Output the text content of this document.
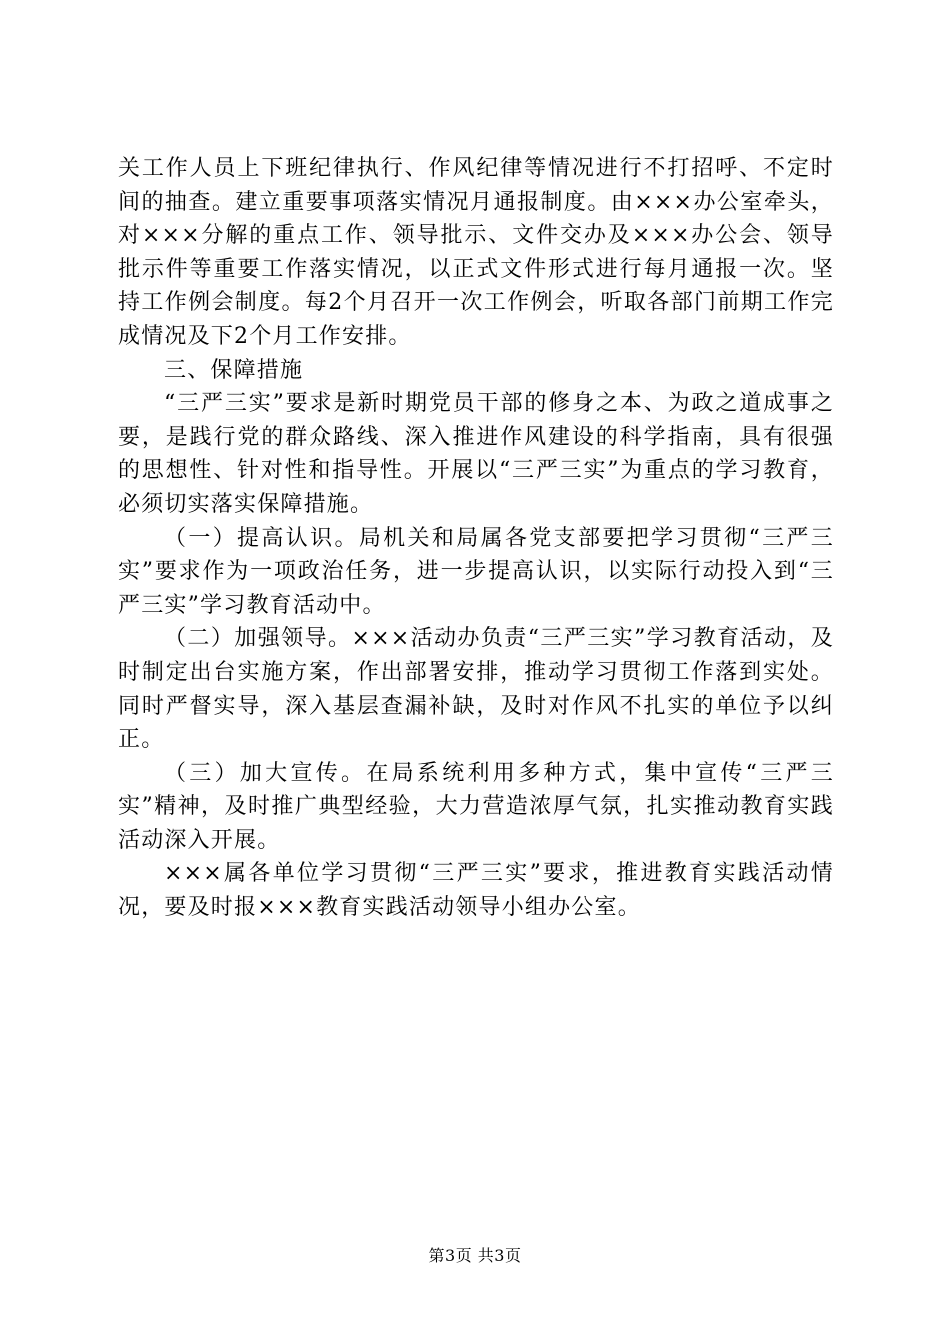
关工作人员上下班纪律执行、作风纪律等情况进行不打招呼、不定时间的抽查。建立重要事项落实情况月通报制度。由×××办公室牵头，对×××分解的重点工作、领导批示、文件交办及×××办公会、领导批示件等重要工作落实情况，以正式文件形式进行每月通报一次。坚持工作例会制度。每2个月召开一次工作例会，听取各部门前期工作完成情况及下2个月工作安排。

三、保障措施

“三严三实”要求是新时期党员干部的修身之本、为政之道成事之要，是践行党的群众路线、深入推进作风建设的科学指南，具有很强的思想性、针对性和指导性。开展以“三严三实”为重点的学习教育，必须切实落实保障措施。

（一）提高认识。局机关和局属各党支部要把学习贯彻“三严三实”要求作为一项政治任务，进一步提高认识，以实际行动投入到“三严三实”学习教育活动中。

（二）加强领导。×××活动办负责“三严三实”学习教育活动，及时制定出台实施方案，作出部署安排，推动学习贯彻工作落到实处。同时严督实导，深入基层查漏补缺，及时对作风不扎实的单位予以纠正。

（三）加大宣传。在局系统利用多种方式，集中宣传“三严三实”精神，及时推广典型经验，大力营造浓厚气氛，扎实推动教育实践活动深入开展。

×××属各单位学习贯彻“三严三实”要求，推进教育实践活动情况，要及时报×××教育实践活动领导小组办公室。

第3页 共3页
